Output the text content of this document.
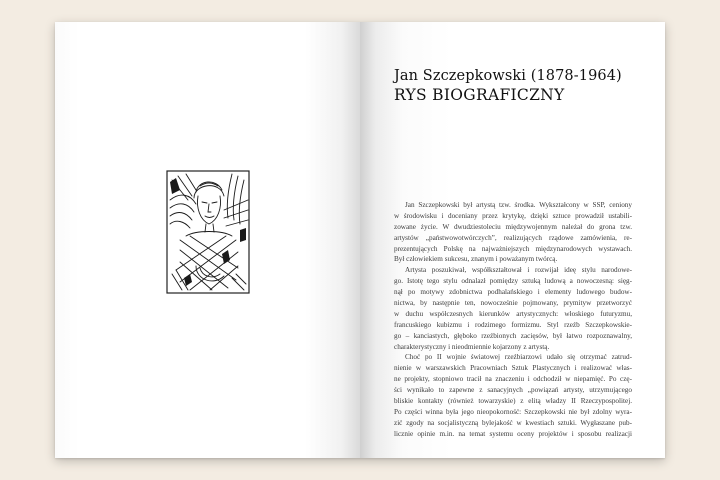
Jan Szczepkowski (1878-1964)
RYS BIOGRAFICZNY
Jan Szczepkowski był artystą tzw. środka. Wykształcony w SSP, ceniony
w środowisku i doceniany przez krytykę, dzięki sztuce prowadził ustabili-
zowane życie. W dwudziestoleciu międzywojennym należał do grona tzw.
artystów „państwowotwórczych”, realizujących rządowe zamówienia, re-
prezentujących Polskę na najważniejszych międzynarodowych wystawach.
Był człowiekiem sukcesu, znanym i poważanym twórcą.
Artysta poszukiwał, współkształtował i rozwijał ideę stylu narodowe-
go. Istotę tego stylu odnalazł pomiędzy sztuką ludową a nowoczesną: sięg-
nął po motywy zdobnictwa podhalańskiego i elementy ludowego budow-
nictwa, by następnie ten, nowocześnie pojmowany, prymityw przetworzyć
w duchu współczesnych kierunków artystycznych: włoskiego futuryzmu,
francuskiego kubizmu i rodzimego formizmu. Styl rzeźb Szczepkowskie-
go – kanciastych, głęboko rzeźbionych zacięsów, był łatwo rozpoznawalny,
charakterystyczny i nieodmiennie kojarzony z artystą.
Choć po II wojnie światowej rzeźbiarzowi udało się otrzymać zatrud-
nienie w warszawskich Pracowniach Sztuk Plastycznych i realizować włas-
ne projekty, stopniowo tracił na znaczeniu i odchodził w niepamięć. Po czę-
ści wynikało to zapewne z sanacyjnych „powiązań artysty, utrzymującego
bliskie kontakty (również towarzyskie) z elitą władzy II Rzeczypospolitej.
Po części winna była jego nieopokorność: Szczepkowski nie był zdolny wyra-
zić zgody na socjalistyczną bylejakość w kwestiach sztuki. Wygłaszane pub-
licznie opinie m.in. na temat systemu oceny projektów i sposobu realizacji
